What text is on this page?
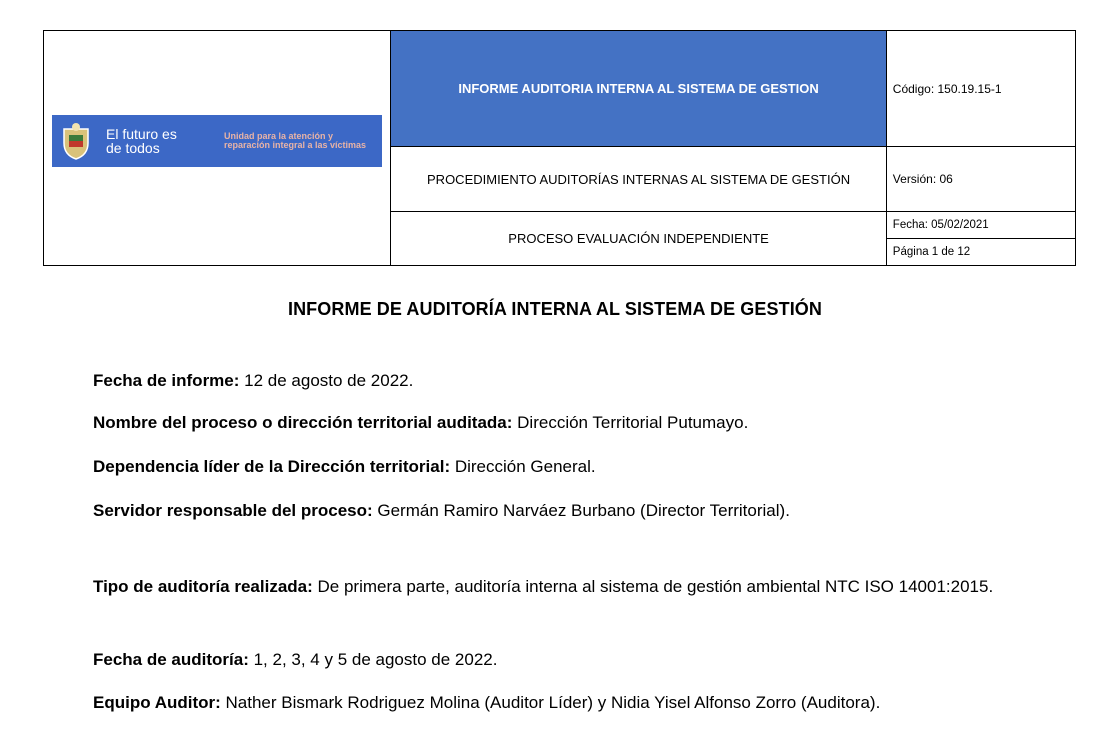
El futuro es de todos
Unidad para la atención y reparación integral a las víctimas	INFORME AUDITORIA INTERNA AL SISTEMA DE GESTION	Código: 150.19.15-1
	PROCEDIMIENTO AUDITORÍAS INTERNAS AL SISTEMA DE GESTIÓN	Versión: 06
	PROCESO EVALUACIÓN INDEPENDIENTE	Fecha: 05/02/2021
		Página 1 de 12
INFORME DE AUDITORÍA INTERNA AL SISTEMA DE GESTIÓN
Fecha de informe: 12 de agosto de 2022.
Nombre del proceso o dirección territorial auditada: Dirección Territorial Putumayo.
Dependencia líder de la Dirección territorial: Dirección General.
Servidor responsable del proceso: Germán Ramiro Narváez Burbano (Director Territorial).
Tipo de auditoría realizada: De primera parte, auditoría interna al sistema de gestión ambiental NTC ISO 14001:2015.
Fecha de auditoría: 1, 2, 3, 4 y 5 de agosto de 2022.
Equipo Auditor: Nather Bismark Rodriguez Molina (Auditor Líder) y Nidia Yisel Alfonso Zorro (Auditora).
